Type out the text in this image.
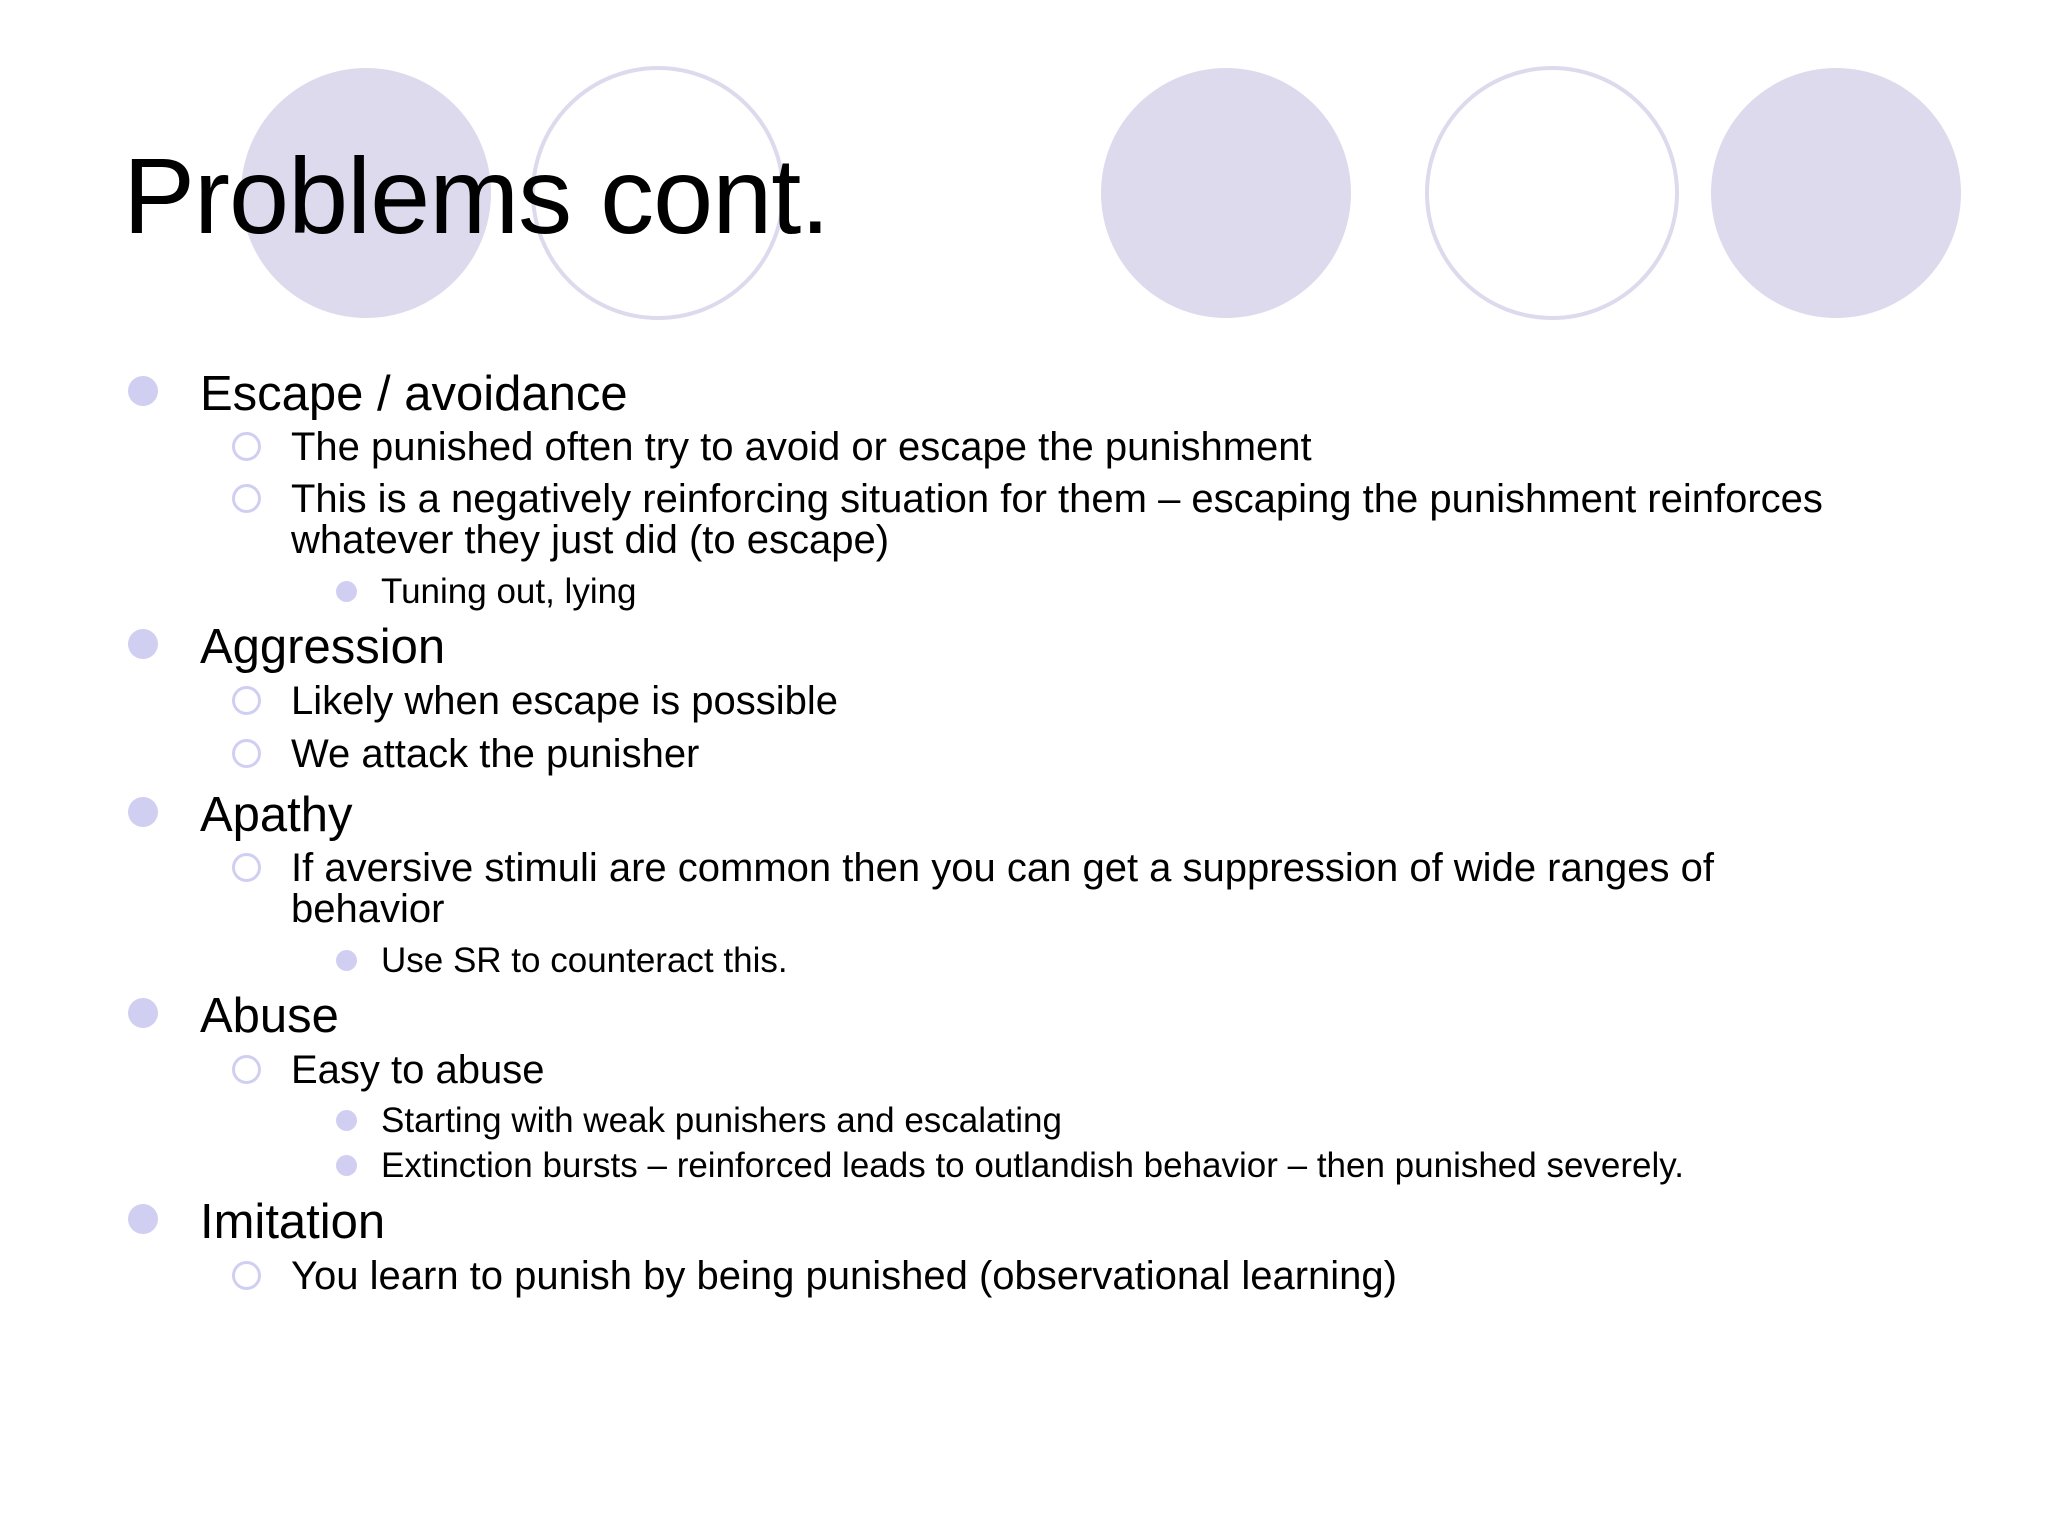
Problems cont.

Escape / avoidance

The punished often try to avoid or escape the punishment

This is a negatively reinforcing situation for them – escaping the punishment reinforces whatever they just did (to escape)

Tuning out, lying

Aggression

Likely when escape is possible

We attack the punisher

Apathy

If aversive stimuli are common then you can get a suppression of wide ranges of behavior

Use SR to counteract this.

Abuse

Easy to abuse

Starting with weak punishers and escalating

Extinction bursts – reinforced leads to outlandish behavior – then punished severely.

Imitation

You learn to punish by being punished (observational learning)
